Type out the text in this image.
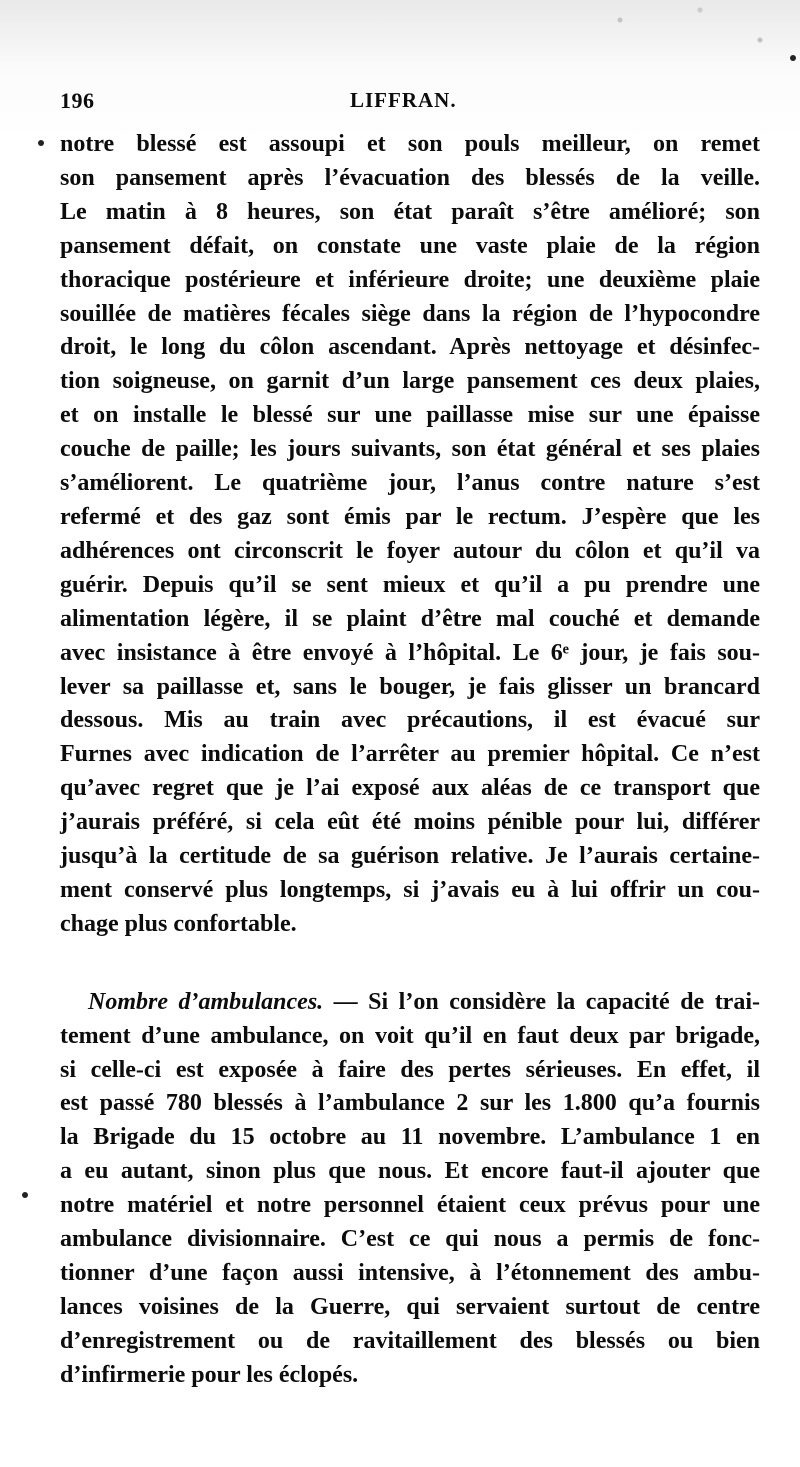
196	LIFFRAN.
notre blessé est assoupi et son pouls meilleur, on remet
son pansement après l’évacuation des blessés de la veille.
Le matin à 8 heures, son état paraît s’être amélioré; son
pansement défait, on constate une vaste plaie de la région
thoracique postérieure et inférieure droite; une deuxième plaie
souillée de matières fécales siège dans la région de l’hypocondre
droit, le long du côlon ascendant. Après nettoyage et désinfec-
tion soigneuse, on garnit d’un large pansement ces deux plaies,
et on installe le blessé sur une paillasse mise sur une épaisse
couche de paille; les jours suivants, son état général et ses plaies
s’améliorent. Le quatrième jour, l’anus contre nature s’est
refermé et des gaz sont émis par le rectum. J’espère que les
adhérences ont circonscrit le foyer autour du côlon et qu’il va
guérir. Depuis qu’il se sent mieux et qu’il a pu prendre une
alimentation légère, il se plaint d’être mal couché et demande
avec insistance à être envoyé à l’hôpital. Le 6ᵉ jour, je fais sou-
lever sa paillasse et, sans le bouger, je fais glisser un brancard
dessous. Mis au train avec précautions, il est évacué sur
Furnes avec indication de l’arrêter au premier hôpital. Ce n’est
qu’avec regret que je l’ai exposé aux aléas de ce transport que
j’aurais préféré, si cela eût été moins pénible pour lui, différer
jusqu’à la certitude de sa guérison relative. Je l’aurais certaine-
ment conservé plus longtemps, si j’avais eu à lui offrir un cou-
chage plus confortable.
Nombre d’ambulances. — Si l’on considère la capacité de trai-
tement d’une ambulance, on voit qu’il en faut deux par brigade,
si celle-ci est exposée à faire des pertes sérieuses. En effet, il
est passé 780 blessés à l’ambulance 2 sur les 1.800 qu’a fournis
la Brigade du 15 octobre au 11 novembre. L’ambulance 1 en
a eu autant, sinon plus que nous. Et encore faut-il ajouter que
notre matériel et notre personnel étaient ceux prévus pour une
ambulance divisionnaire. C’est ce qui nous a permis de fonc-
tionner d’une façon aussi intensive, à l’étonnement des ambu-
lances voisines de la Guerre, qui servaient surtout de centre
d’enregistrement ou de ravitaillement des blessés ou bien
d’infirmerie pour les éclopés.
